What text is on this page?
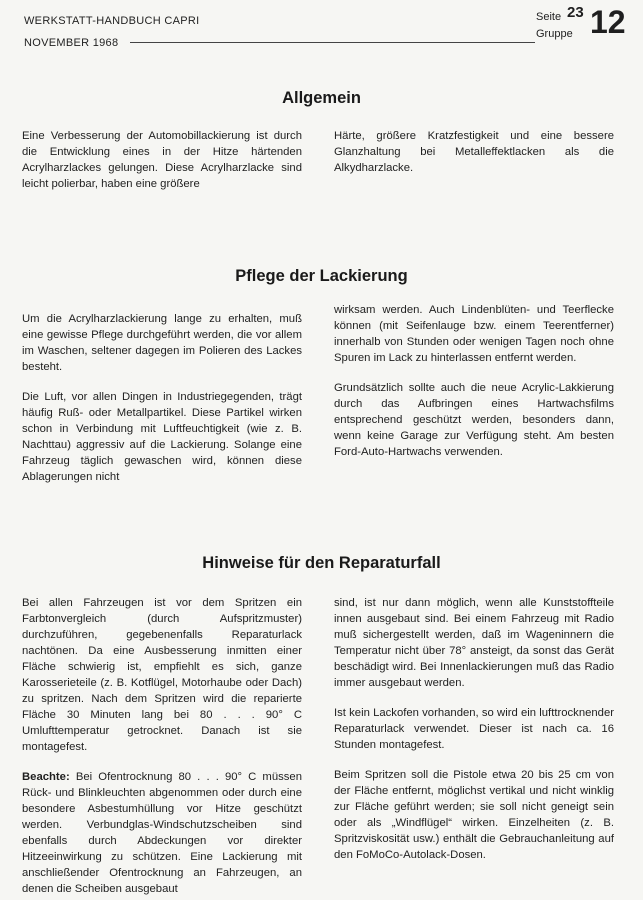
WERKSTATT-HANDBUCH CAPRI
NOVEMBER 1968
Seite 23
Gruppe 12
Allgemein

Eine Verbesserung der Automobillackierung ist durch die Entwicklung eines in der Hitze härtenden Acrylharzlackes gelungen. Diese Acrylharzlacke sind leicht polierbar, haben eine größere

Härte, größere Kratzfestigkeit und eine bessere Glanzhaltung bei Metalleffektlacken als die Alkydharzlacke.

Pflege der Lackierung

Um die Acrylharzlackierung lange zu erhalten, muß eine gewisse Pflege durchgeführt werden, die vor allem im Waschen, seltener dagegen im Polieren des Lackes besteht.

Die Luft, vor allen Dingen in Industriegegenden, trägt häufig Ruß- oder Metallpartikel. Diese Partikel wirken schon in Verbindung mit Luftfeuchtigkeit (wie z. B. Nachttau) aggressiv auf die Lackierung. Solange eine Fahrzeug täglich gewaschen wird, können diese Ablagerungen nicht

wirksam werden. Auch Lindenblüten- und Teerflecke können (mit Seifenlauge bzw. einem Teerentferner) innerhalb von Stunden oder wenigen Tagen noch ohne Spuren im Lack zu hinterlassen entfernt werden.

Grundsätzlich sollte auch die neue Acrylic-Lakkierung durch das Aufbringen eines Hartwachsfilms entsprechend geschützt werden, besonders dann, wenn keine Garage zur Verfügung steht. Am besten Ford-Auto-Hartwachs verwenden.

Hinweise für den Reparaturfall

Bei allen Fahrzeugen ist vor dem Spritzen ein Farbtonvergleich (durch Aufspritzmuster) durchzuführen, gegebenenfalls Reparaturlack nachtönen. Da eine Ausbesserung inmitten einer Fläche schwierig ist, empfiehlt es sich, ganze Karosserieteile (z. B. Kotflügel, Motorhaube oder Dach) zu spritzen. Nach dem Spritzen wird die reparierte Fläche 30 Minuten lang bei 80 . . . 90° C Umlufttemperatur getrocknet. Danach ist sie montagefest.

Beachte: Bei Ofentrocknung 80 . . . 90° C müssen Rück- und Blinkleuchten abgenommen oder durch eine besondere Asbestumhüllung vor Hitze geschützt werden. Verbundglas-Windschutzscheiben sind ebenfalls durch Abdeckungen vor direkter Hitzeeinwirkung zu schützen. Eine Lackierung mit anschließender Ofentrocknung an Fahrzeugen, an denen die Scheiben ausgebaut

sind, ist nur dann möglich, wenn alle Kunststoffteile innen ausgebaut sind. Bei einem Fahrzeug mit Radio muß sichergestellt werden, daß im Wageninnern die Temperatur nicht über 78° ansteigt, da sonst das Gerät beschädigt wird. Bei Innenlackierungen muß das Radio immer ausgebaut werden.

Ist kein Lackofen vorhanden, so wird ein lufttrocknender Reparaturlack verwendet. Dieser ist nach ca. 16 Stunden montagefest.

Beim Spritzen soll die Pistole etwa 20 bis 25 cm von der Fläche entfernt, möglichst vertikal und nicht winklig zur Fläche geführt werden; sie soll nicht geneigt sein oder als „Windflügel“ wirken. Einzelheiten (z. B. Spritzviskosität usw.) enthält die Gebrauchanleitung auf den FoMoCo-Autolack-Dosen.
